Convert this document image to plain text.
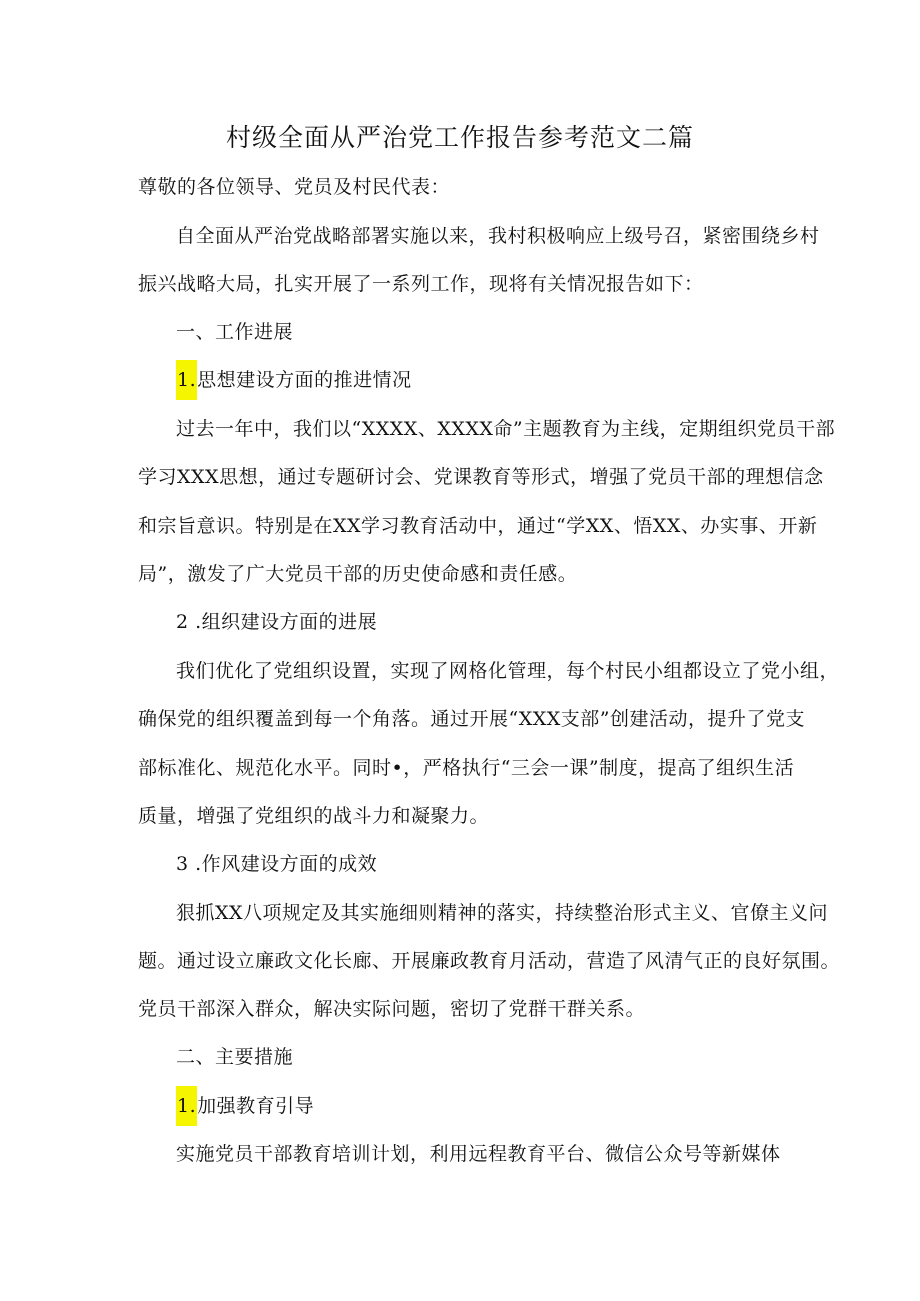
村级全面从严治党工作报告参考范文二篇
尊敬的各位领导、党员及村民代表：
自全面从严治党战略部署实施以来，我村积极响应上级号召，紧密围绕乡村
振兴战略大局，扎实开展了一系列工作，现将有关情况报告如下：
一、工作进展
1.思想建设方面的推进情况
过去一年中，我们以“XXXX、XXXX命”主题教育为主线，定期组织党员干部
学习XXX思想，通过专题研讨会、党课教育等形式，增强了党员干部的理想信念
和宗旨意识。特别是在XX学习教育活动中，通过“学XX、悟XX、办实事、开新
局”，激发了广大党员干部的历史使命感和责任感。
2 .组织建设方面的进展
我们优化了党组织设置，实现了网格化管理，每个村民小组都设立了党小组，
确保党的组织覆盖到每一个角落。通过开展“XXX支部”创建活动，提升了党支
部标准化、规范化水平。同时•，严格执行“三会一课”制度，提高了组织生活
质量，增强了党组织的战斗力和凝聚力。
3 .作风建设方面的成效
狠抓XX八项规定及其实施细则精神的落实，持续整治形式主义、官僚主义问
题。通过设立廉政文化长廊、开展廉政教育月活动，营造了风清气正的良好氛围。
党员干部深入群众，解决实际问题，密切了党群干群关系。
二、主要措施
1.加强教育引导
实施党员干部教育培训计划，利用远程教育平台、微信公众号等新媒体
